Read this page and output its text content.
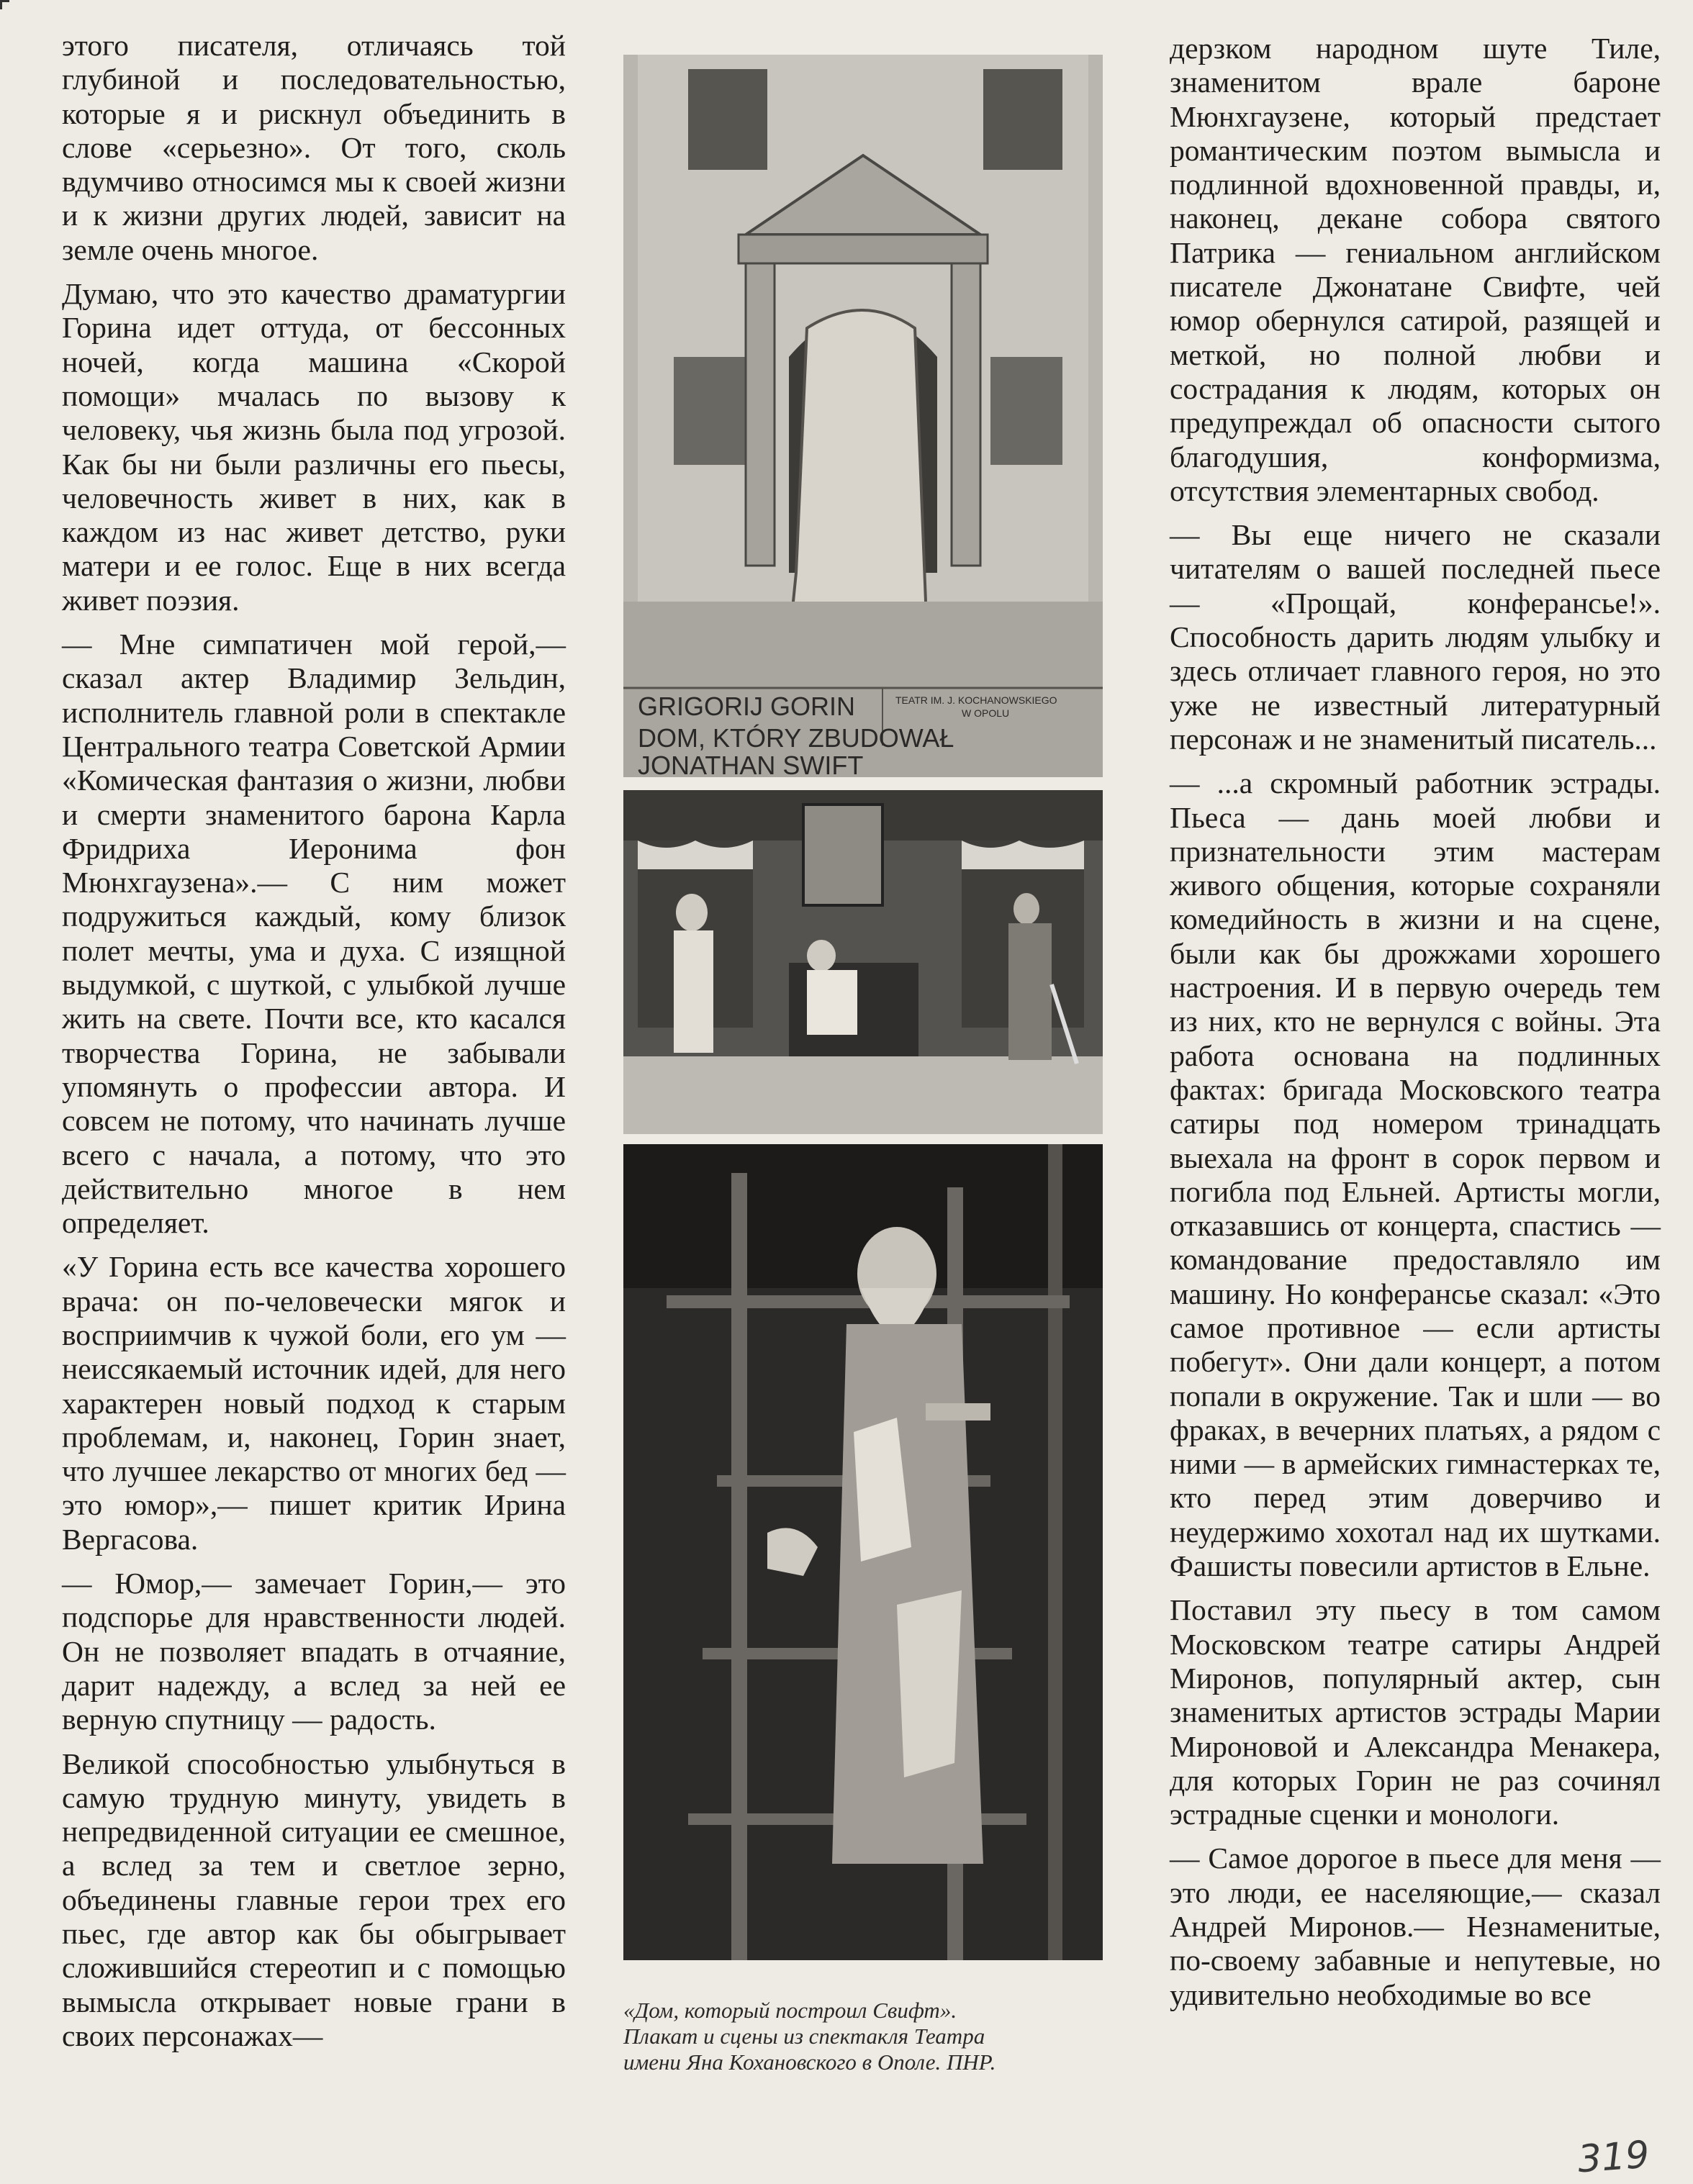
этого писателя, отличаясь той глубиной и последовательностью, которые я и рискнул объединить в слове «серьезно». От того, сколь вдумчиво относимся мы к своей жизни и к жизни других людей, зависит на земле очень многое.

Думаю, что это качество драматургии Горина идет оттуда, от бессонных ночей, когда машина «Скорой помощи» мчалась по вызову к человеку, чья жизнь была под угрозой. Как бы ни были различны его пьесы, человечность живет в них, как в каждом из нас живет детство, руки матери и ее голос. Еще в них всегда живет поэзия.

— Мне симпатичен мой герой,— сказал актер Владимир Зельдин, исполнитель главной роли в спектакле Центрального театра Советской Армии «Комическая фантазия о жизни, любви и смерти знаменитого барона Карла Фридриха Иеронима фон Мюнхгаузена».— С ним может подружиться каждый, кому близок полет мечты, ума и духа. С изящной выдумкой, с шуткой, с улыбкой лучше жить на свете. Почти все, кто касался творчества Горина, не забывали упомянуть о профессии автора. И совсем не потому, что начинать лучше всего с начала, а потому, что это действительно многое в нем определяет.

«У Горина есть все качества хорошего врача: он по-человечески мягок и восприимчив к чужой боли, его ум — неиссякаемый источник идей, для него характерен новый подход к старым проблемам, и, наконец, Горин знает, что лучшее лекарство от многих бед — это юмор»,— пишет критик Ирина Вергасова.

— Юмор,— замечает Горин,— это подспорье для нравственности людей. Он не позволяет впадать в отчаяние, дарит надежду, а вслед за ней ее верную спутницу — радость.

Великой способностью улыбнуться в самую трудную минуту, увидеть в непредвиденной ситуации ее смешное, а вслед за тем и светлое зерно, объединены главные герои трех его пьес, где автор как бы обыгрывает сложившийся стереотип и с помощью вымысла открывает новые грани в своих персонажах—

GRIGORIJ GORIN
DOM, KTÓRY ZBUDOWAŁ
JONATHAN SWIFT
TEATR IM. J. KOCHANOWSKIEGO
W OPOLU
«Дом, который построил Свифт».
Плакат и сцены из спектакля Театра
имени Яна Кохановского в Ополе. ПНР.

дерзком народном шуте Тиле, знаменитом врале бароне Мюнхгаузене, который предстает романтическим поэтом вымысла и подлинной вдохновенной правды, и, наконец, декане собора святого Патрика — гениальном английском писателе Джонатане Свифте, чей юмор обернулся сатирой, разящей и меткой, но полной любви и сострадания к людям, которых он предупреждал об опасности сытого благодушия, конформизма, отсутствия элементарных свобод.

— Вы еще ничего не сказали читателям о вашей последней пьесе — «Прощай, конферансье!». Способность дарить людям улыбку и здесь отличает главного героя, но это уже не известный литературный персонаж и не знаменитый писатель...

— ...а скромный работник эстрады. Пьеса — дань моей любви и признательности этим мастерам живого общения, которые сохраняли комедийность в жизни и на сцене, были как бы дрожжами хорошего настроения. И в первую очередь тем из них, кто не вернулся с войны. Эта работа основана на подлинных фактах: бригада Московского театра сатиры под номером тринадцать выехала на фронт в сорок первом и погибла под Ельней. Артисты могли, отказавшись от концерта, спастись — командование предоставляло им машину. Но конферансье сказал: «Это самое противное — если артисты побегут». Они дали концерт, а потом попали в окружение. Так и шли — во фраках, в вечерних платьях, а рядом с ними — в армейских гимнастерках те, кто перед этим доверчиво и неудержимо хохотал над их шутками. Фашисты повесили артистов в Ельне.

Поставил эту пьесу в том самом Московском театре сатиры Андрей Миронов, популярный актер, сын знаменитых артистов эстрады Марии Мироновой и Александра Менакера, для которых Горин не раз сочинял эстрадные сценки и монологи.

— Самое дорогое в пьесе для меня — это люди, ее населяющие,— сказал Андрей Миронов.— Незнаменитые, по-своему забавные и непутевые, но удивительно необходимые во все

319
